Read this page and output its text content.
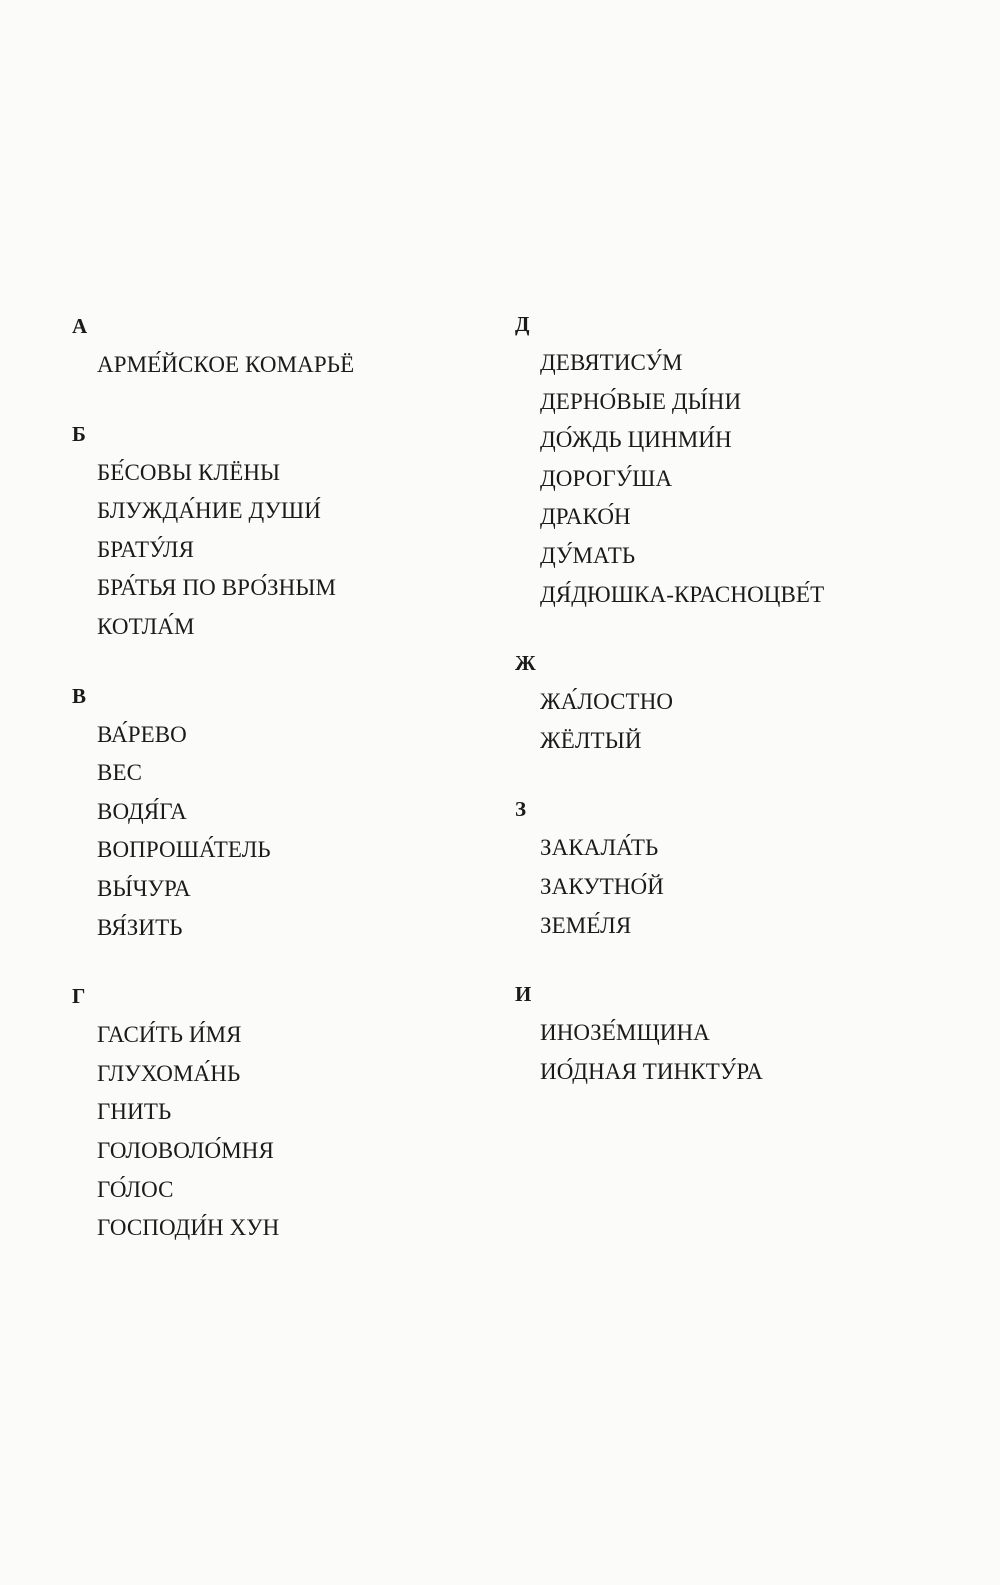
А
АРМЕ́ЙСКОЕ КОМАРЬЁ
Б
БЕ́СОВЫ КЛЁНЫ
БЛУЖДА́НИЕ ДУШИ́
БРАТУ́ЛЯ
БРА́ТЬЯ ПО ВРО́ЗНЫМ
КОТЛА́М
В
ВА́РЕВО
ВЕС
ВОДЯ́ГА
ВОПРОША́ТЕЛЬ
ВЫ́ЧУРА
ВЯ́ЗИТЬ
Г
ГАСИ́ТЬ И́МЯ
ГЛУХОМА́НЬ
ГНИТЬ
ГОЛОВОЛО́МНЯ
ГО́ЛОС
ГОСПОДИ́Н ХУН
Д
ДЕВЯТИСУ́М
ДЕРНО́ВЫЕ ДЫ́НИ
ДО́ЖДЬ ЦИНМИ́Н
ДОРОГУ́ША
ДРАКО́Н
ДУ́МАТЬ
ДЯ́ДЮШКА-КРАСНОЦВЕ́Т
Ж
ЖА́ЛОСТНО
ЖЁЛТЫЙ
З
ЗАКАЛА́ТЬ
ЗАКУТНО́Й
ЗЕМЕ́ЛЯ
И
ИНОЗЕ́МЩИНА
ИО́ДНАЯ ТИНКТУ́РА
